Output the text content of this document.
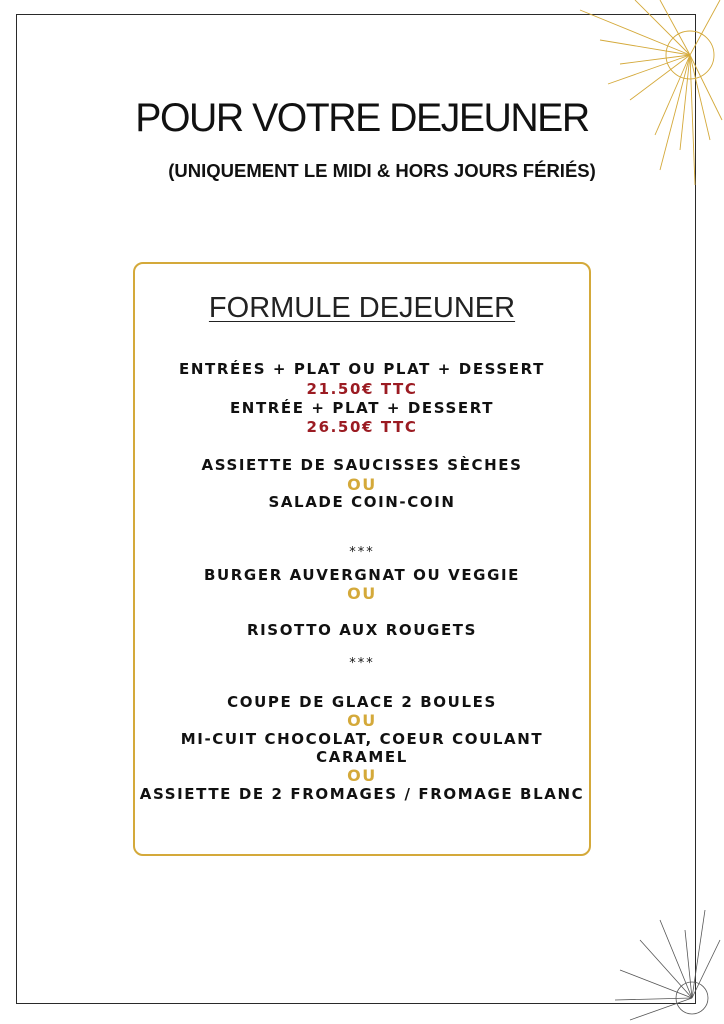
POUR VOTRE DEJEUNER
(UNIQUEMENT LE MIDI & HORS JOURS FÉRIÉS)
FORMULE DEJEUNER
ENTRÉES + PLAT OU PLAT + DESSERT
21.50€ TTC
ENTRÉE + PLAT + DESSERT
26.50€ TTC
ASSIETTE DE SAUCISSES SÈCHES
OU
SALADE COIN-COIN
***
BURGER AUVERGNAT OU VEGGIE
OU
RISOTTO AUX ROUGETS
***
COUPE DE GLACE 2 BOULES
OU
MI-CUIT CHOCOLAT, COEUR COULANT
CARAMEL
OU
ASSIETTE DE 2 FROMAGES / FROMAGE BLANC
